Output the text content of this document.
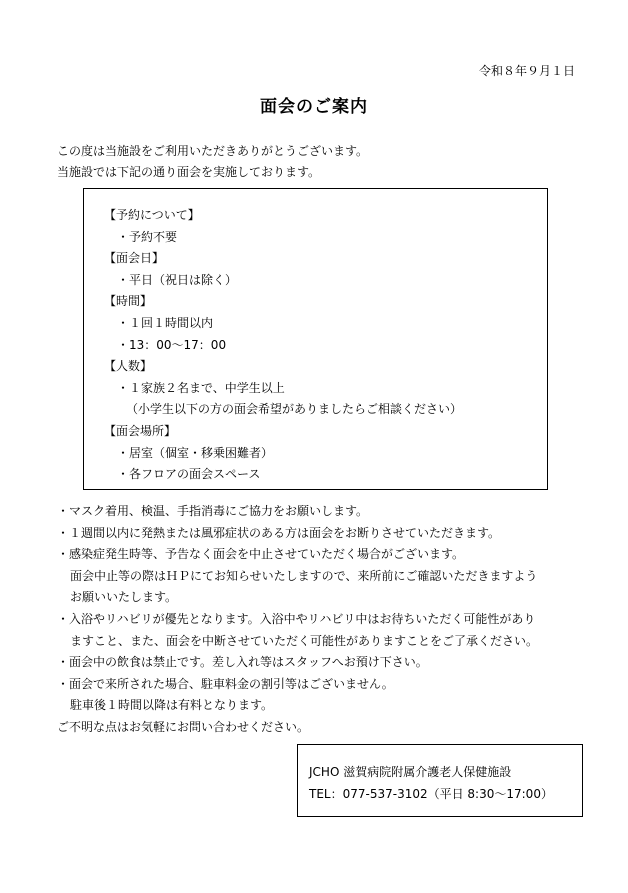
令和８年９月１日
面会のご案内
この度は当施設をご利用いただきありがとうございます。
当施設では下記の通り面会を実施しております。
【予約について】
・予約不要
【面会日】
・平日（祝日は除く）
【時間】
・１回１時間以内
・13：00～17：00
【人数】
・１家族２名まで、中学生以上
（小学生以下の方の面会希望がありましたらご相談ください）
【面会場所】
・居室（個室・移乗困難者）
・各フロアの面会スペース
・マスク着用、検温、手指消毒にご協力をお願いします。
・１週間以内に発熱または風邪症状のある方は面会をお断りさせていただきます。
・感染症発生時等、予告なく面会を中止させていただく場合がございます。
面会中止等の際はＨＰにてお知らせいたしますので、来所前にご確認いただきますよう
お願いいたします。
・入浴やリハビリが優先となります。入浴中やリハビリ中はお待ちいただく可能性があり
ますこと、また、面会を中断させていただく可能性がありますことをご了承ください。
・面会中の飲食は禁止です。差し入れ等はスタッフへお預け下さい。
・面会で来所された場合、駐車料金の割引等はございません。
駐車後１時間以降は有料となります。
ご不明な点はお気軽にお問い合わせください。
JCHO 滋賀病院附属介護老人保健施設
TEL：077-537-3102（平日 8:30～17:00）
